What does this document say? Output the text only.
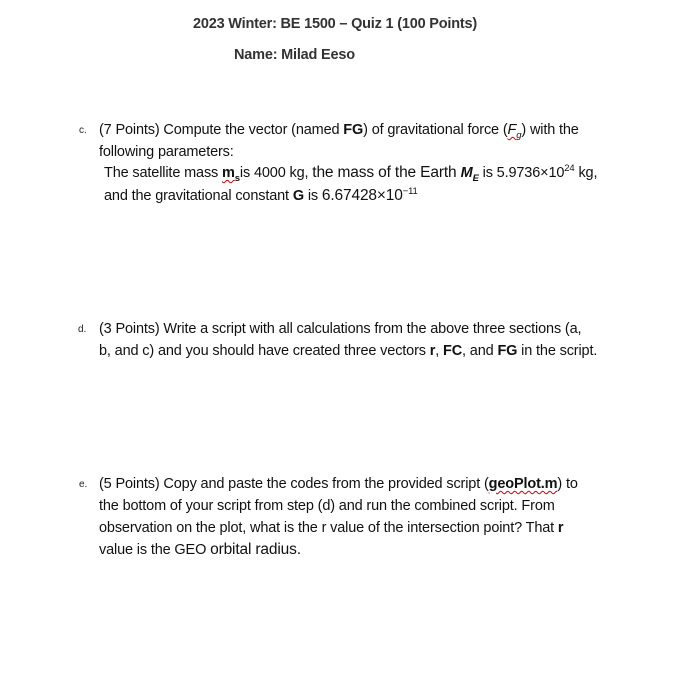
2023 Winter: BE 1500 – Quiz 1 (100 Points)
Name: Milad Eeso
c. (7 Points) Compute the vector (named FG) of gravitational force $(F_g)$ with the
following parameters:
The satellite mass $m_sis$ 4000 kg, the mass of the Earth $M_E$ is $5.9736\times 10^{24}$ kg,
and the gravitational constant G is $6.67428\times 10^{-11}$
d. (3 Points) Write a script with all calculations from the above three sections (a,
b, and c) and you should have created three vectors r, FC, and FG in the script.
e. (5 Points) Copy and paste the codes from the provided script (geoPlot.m) to
the bottom of your script from step (d) and run the combined script. From
observation on the plot, what is the r value of the intersection point? That r
value is the GEO orbital radius.
